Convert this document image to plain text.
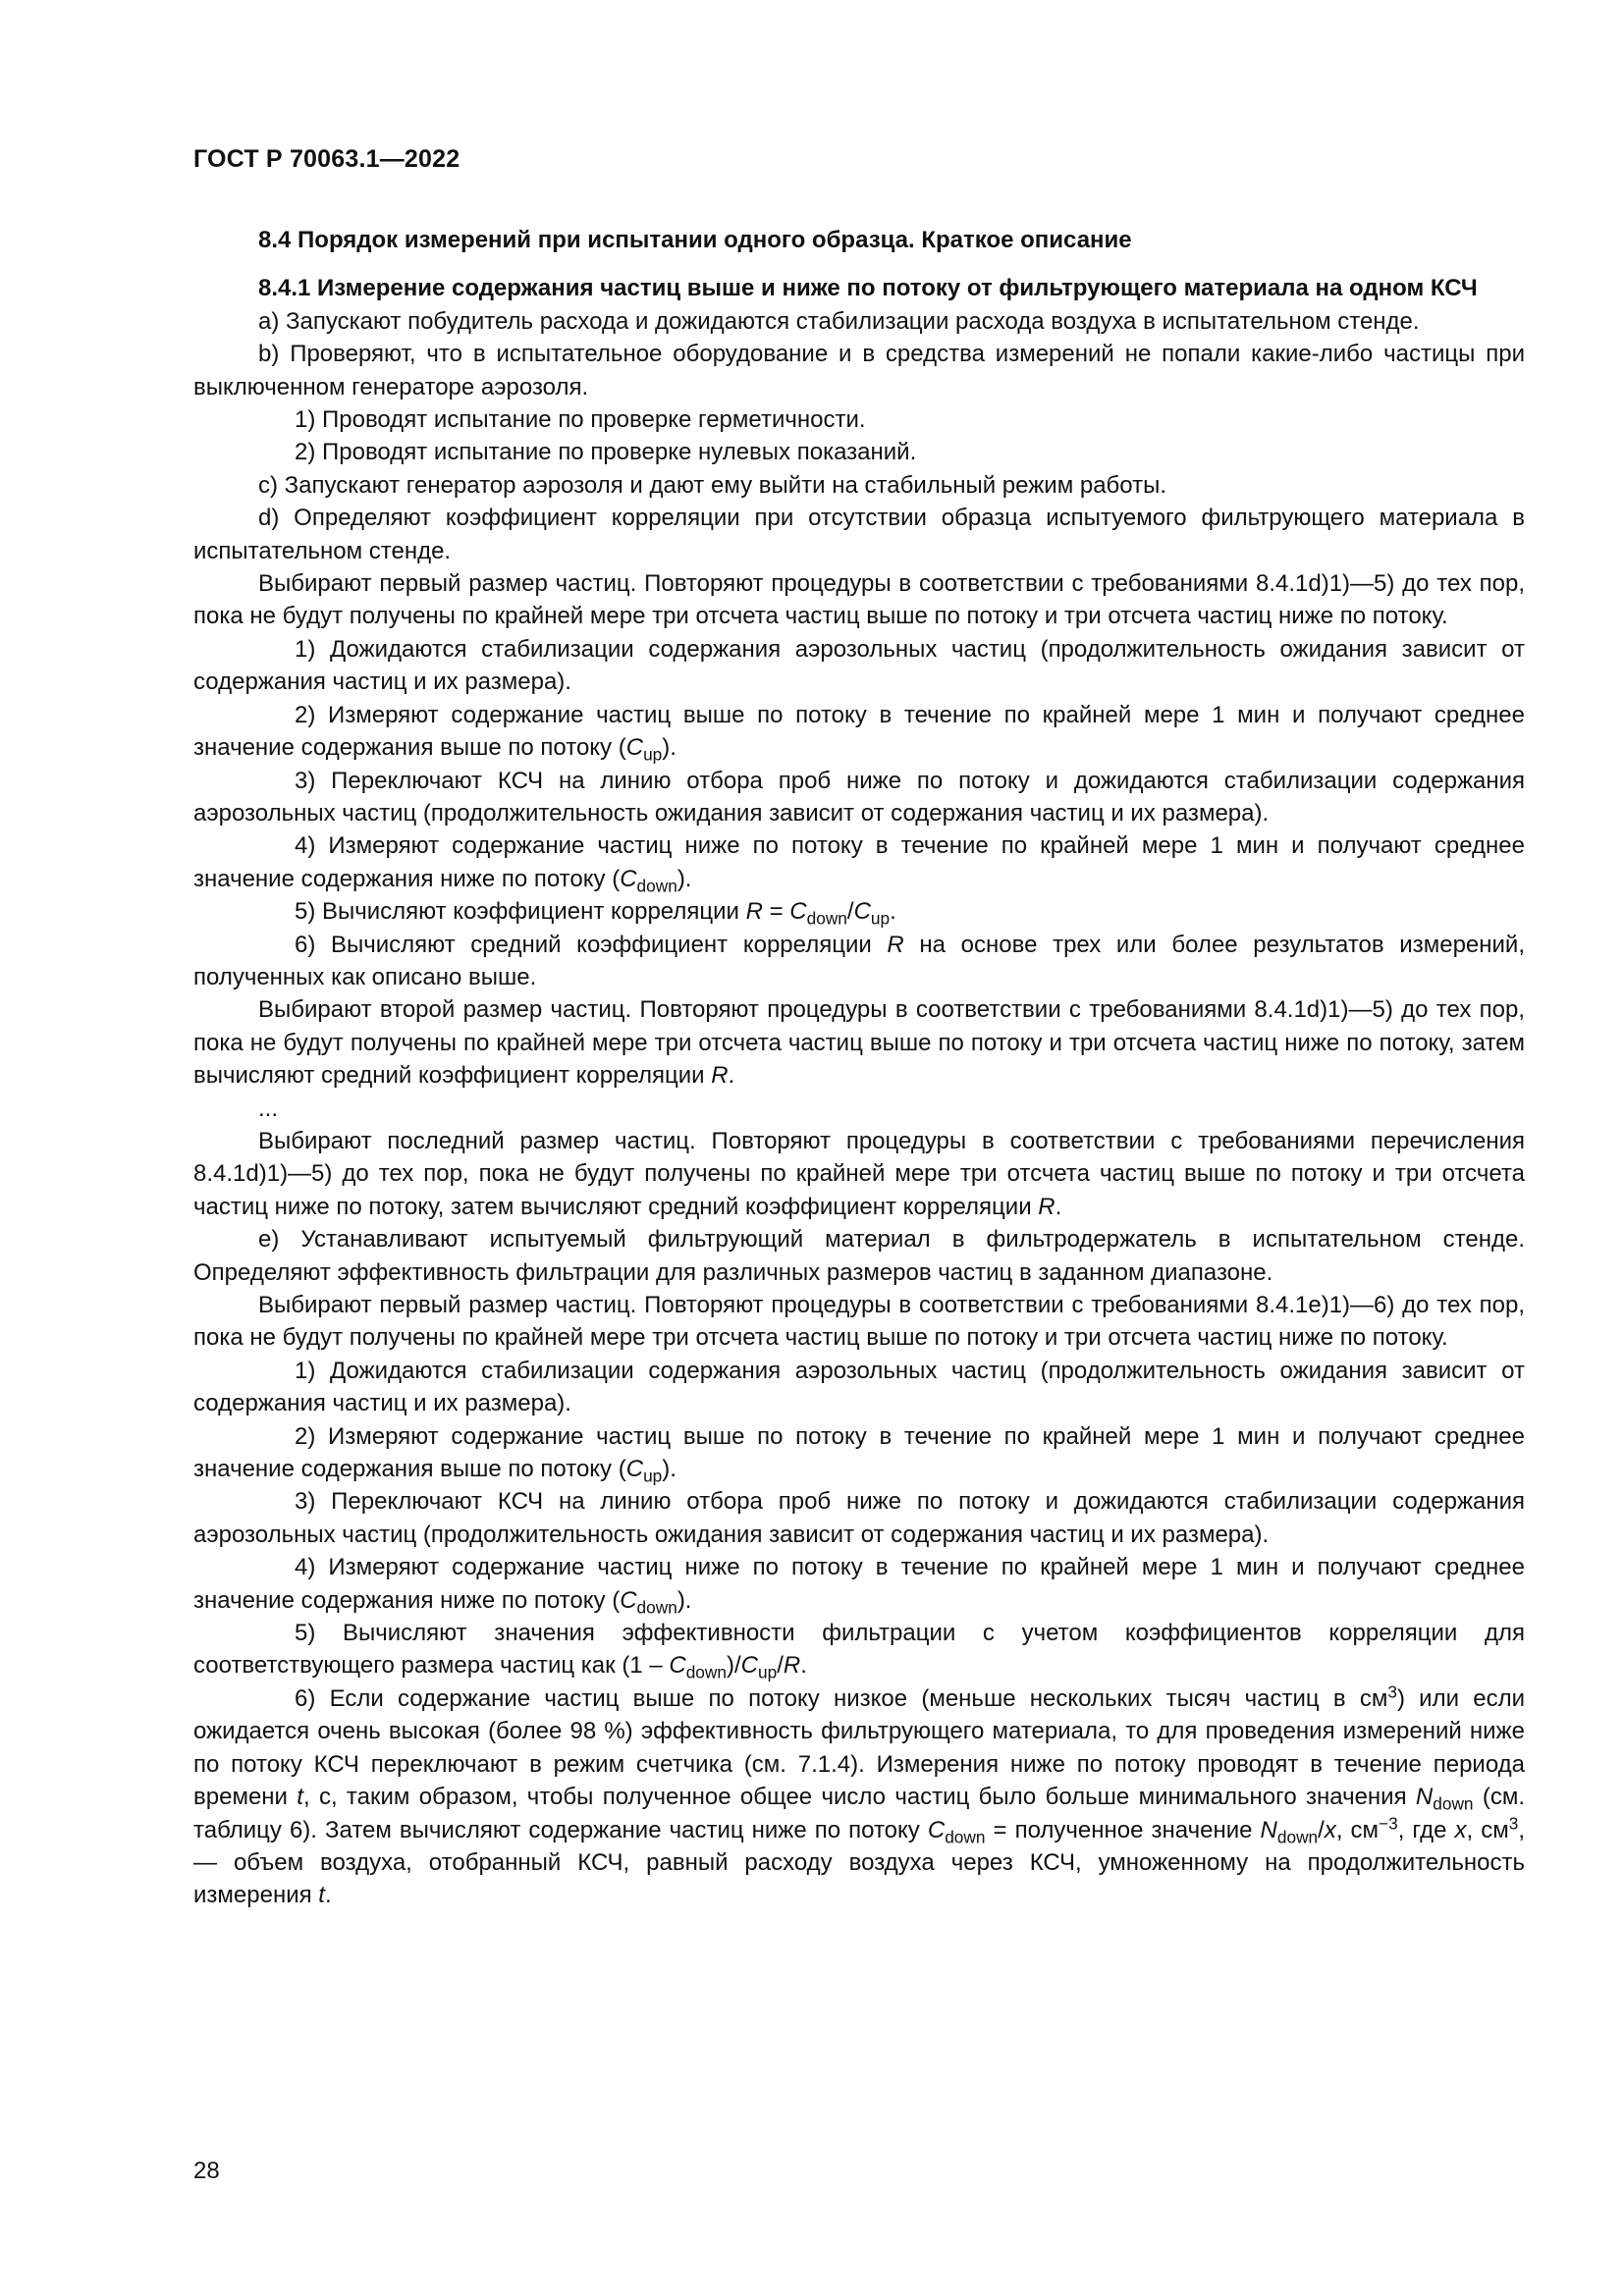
ГОСТ Р 70063.1—2022

8.4 Порядок измерений при испытании одного образца. Краткое описание

8.4.1 Измерение содержания частиц выше и ниже по потоку от фильтрующего материала на одном КСЧ

a) Запускают побудитель расхода и дожидаются стабилизации расхода воздуха в испытательном стенде.

b) Проверяют, что в испытательное оборудование и в средства измерений не попали какие-либо частицы при выключенном генераторе аэрозоля.

1) Проводят испытание по проверке герметичности.

2) Проводят испытание по проверке нулевых показаний.

c) Запускают генератор аэрозоля и дают ему выйти на стабильный режим работы.

d) Определяют коэффициент корреляции при отсутствии образца испытуемого фильтрующего материала в испытательном стенде.

Выбирают первый размер частиц. Повторяют процедуры в соответствии с требованиями 8.4.1d)1)—5) до тех пор, пока не будут получены по крайней мере три отсчета частиц выше по потоку и три отсчета частиц ниже по потоку.

1) Дожидаются стабилизации содержания аэрозольных частиц (продолжительность ожидания зависит от содержания частиц и их размера).

2) Измеряют содержание частиц выше по потоку в течение по крайней мере 1 мин и получают среднее значение содержания выше по потоку $(C_{up})$.

3) Переключают КСЧ на линию отбора проб ниже по потоку и дожидаются стабилизации содержания аэрозольных частиц (продолжительность ожидания зависит от содержания частиц и их размера).

4) Измеряют содержание частиц ниже по потоку в течение по крайней мере 1 мин и получают среднее значение содержания ниже по потоку $(C_{down})$.

5) Вычисляют коэффициент корреляции $R = C_{down}/C_{up}$.

6) Вычисляют средний коэффициент корреляции R на основе трех или более результатов измерений, полученных как описано выше.

Выбирают второй размер частиц. Повторяют процедуры в соответствии с требованиями 8.4.1d)1)—5) до тех пор, пока не будут получены по крайней мере три отсчета частиц выше по потоку и три отсчета частиц ниже по потоку, затем вычисляют средний коэффициент корреляции R.

...

Выбирают последний размер частиц. Повторяют процедуры в соответствии с требованиями перечисления 8.4.1d)1)—5) до тех пор, пока не будут получены по крайней мере три отсчета частиц выше по потоку и три отсчета частиц ниже по потоку, затем вычисляют средний коэффициент корреляции R.

e) Устанавливают испытуемый фильтрующий материал в фильтродержатель в испытательном стенде. Определяют эффективность фильтрации для различных размеров частиц в заданном диапазоне.

Выбирают первый размер частиц. Повторяют процедуры в соответствии с требованиями 8.4.1e)1)—6) до тех пор, пока не будут получены по крайней мере три отсчета частиц выше по потоку и три отсчета частиц ниже по потоку.

1) Дожидаются стабилизации содержания аэрозольных частиц (продолжительность ожидания зависит от содержания частиц и их размера).

2) Измеряют содержание частиц выше по потоку в течение по крайней мере 1 мин и получают среднее значение содержания выше по потоку $(C_{up})$.

3) Переключают КСЧ на линию отбора проб ниже по потоку и дожидаются стабилизации содержания аэрозольных частиц (продолжительность ожидания зависит от содержания частиц и их размера).

4) Измеряют содержание частиц ниже по потоку в течение по крайней мере 1 мин и получают среднее значение содержания ниже по потоку $(C_{down})$.

5) Вычисляют значения эффективности фильтрации с учетом коэффициентов корреляции для соответствующего размера частиц как $(1 - C_{down})/C_{up}/R$.

6) Если содержание частиц выше по потоку низкое (меньше нескольких тысяч частиц в $см^3$) или если ожидается очень высокая (более 98 %) эффективность фильтрующего материала, то для проведения измерений ниже по потоку КСЧ переключают в режим счетчика (см. 7.1.4). Измерения ниже по потоку проводят в течение периода времени t, с, таким образом, чтобы полученное общее число частиц было больше минимального значения $N_{down}$ (см. таблицу 6). Затем вычисляют содержание частиц ниже по потоку $C_{down}$ = полученное значение $N_{down}/x$, $см^{-3}$, где x, $см^3$, — объем воздуха, отобранный КСЧ, равный расходу воздуха через КСЧ, умноженному на продолжительность измерения t.

28
